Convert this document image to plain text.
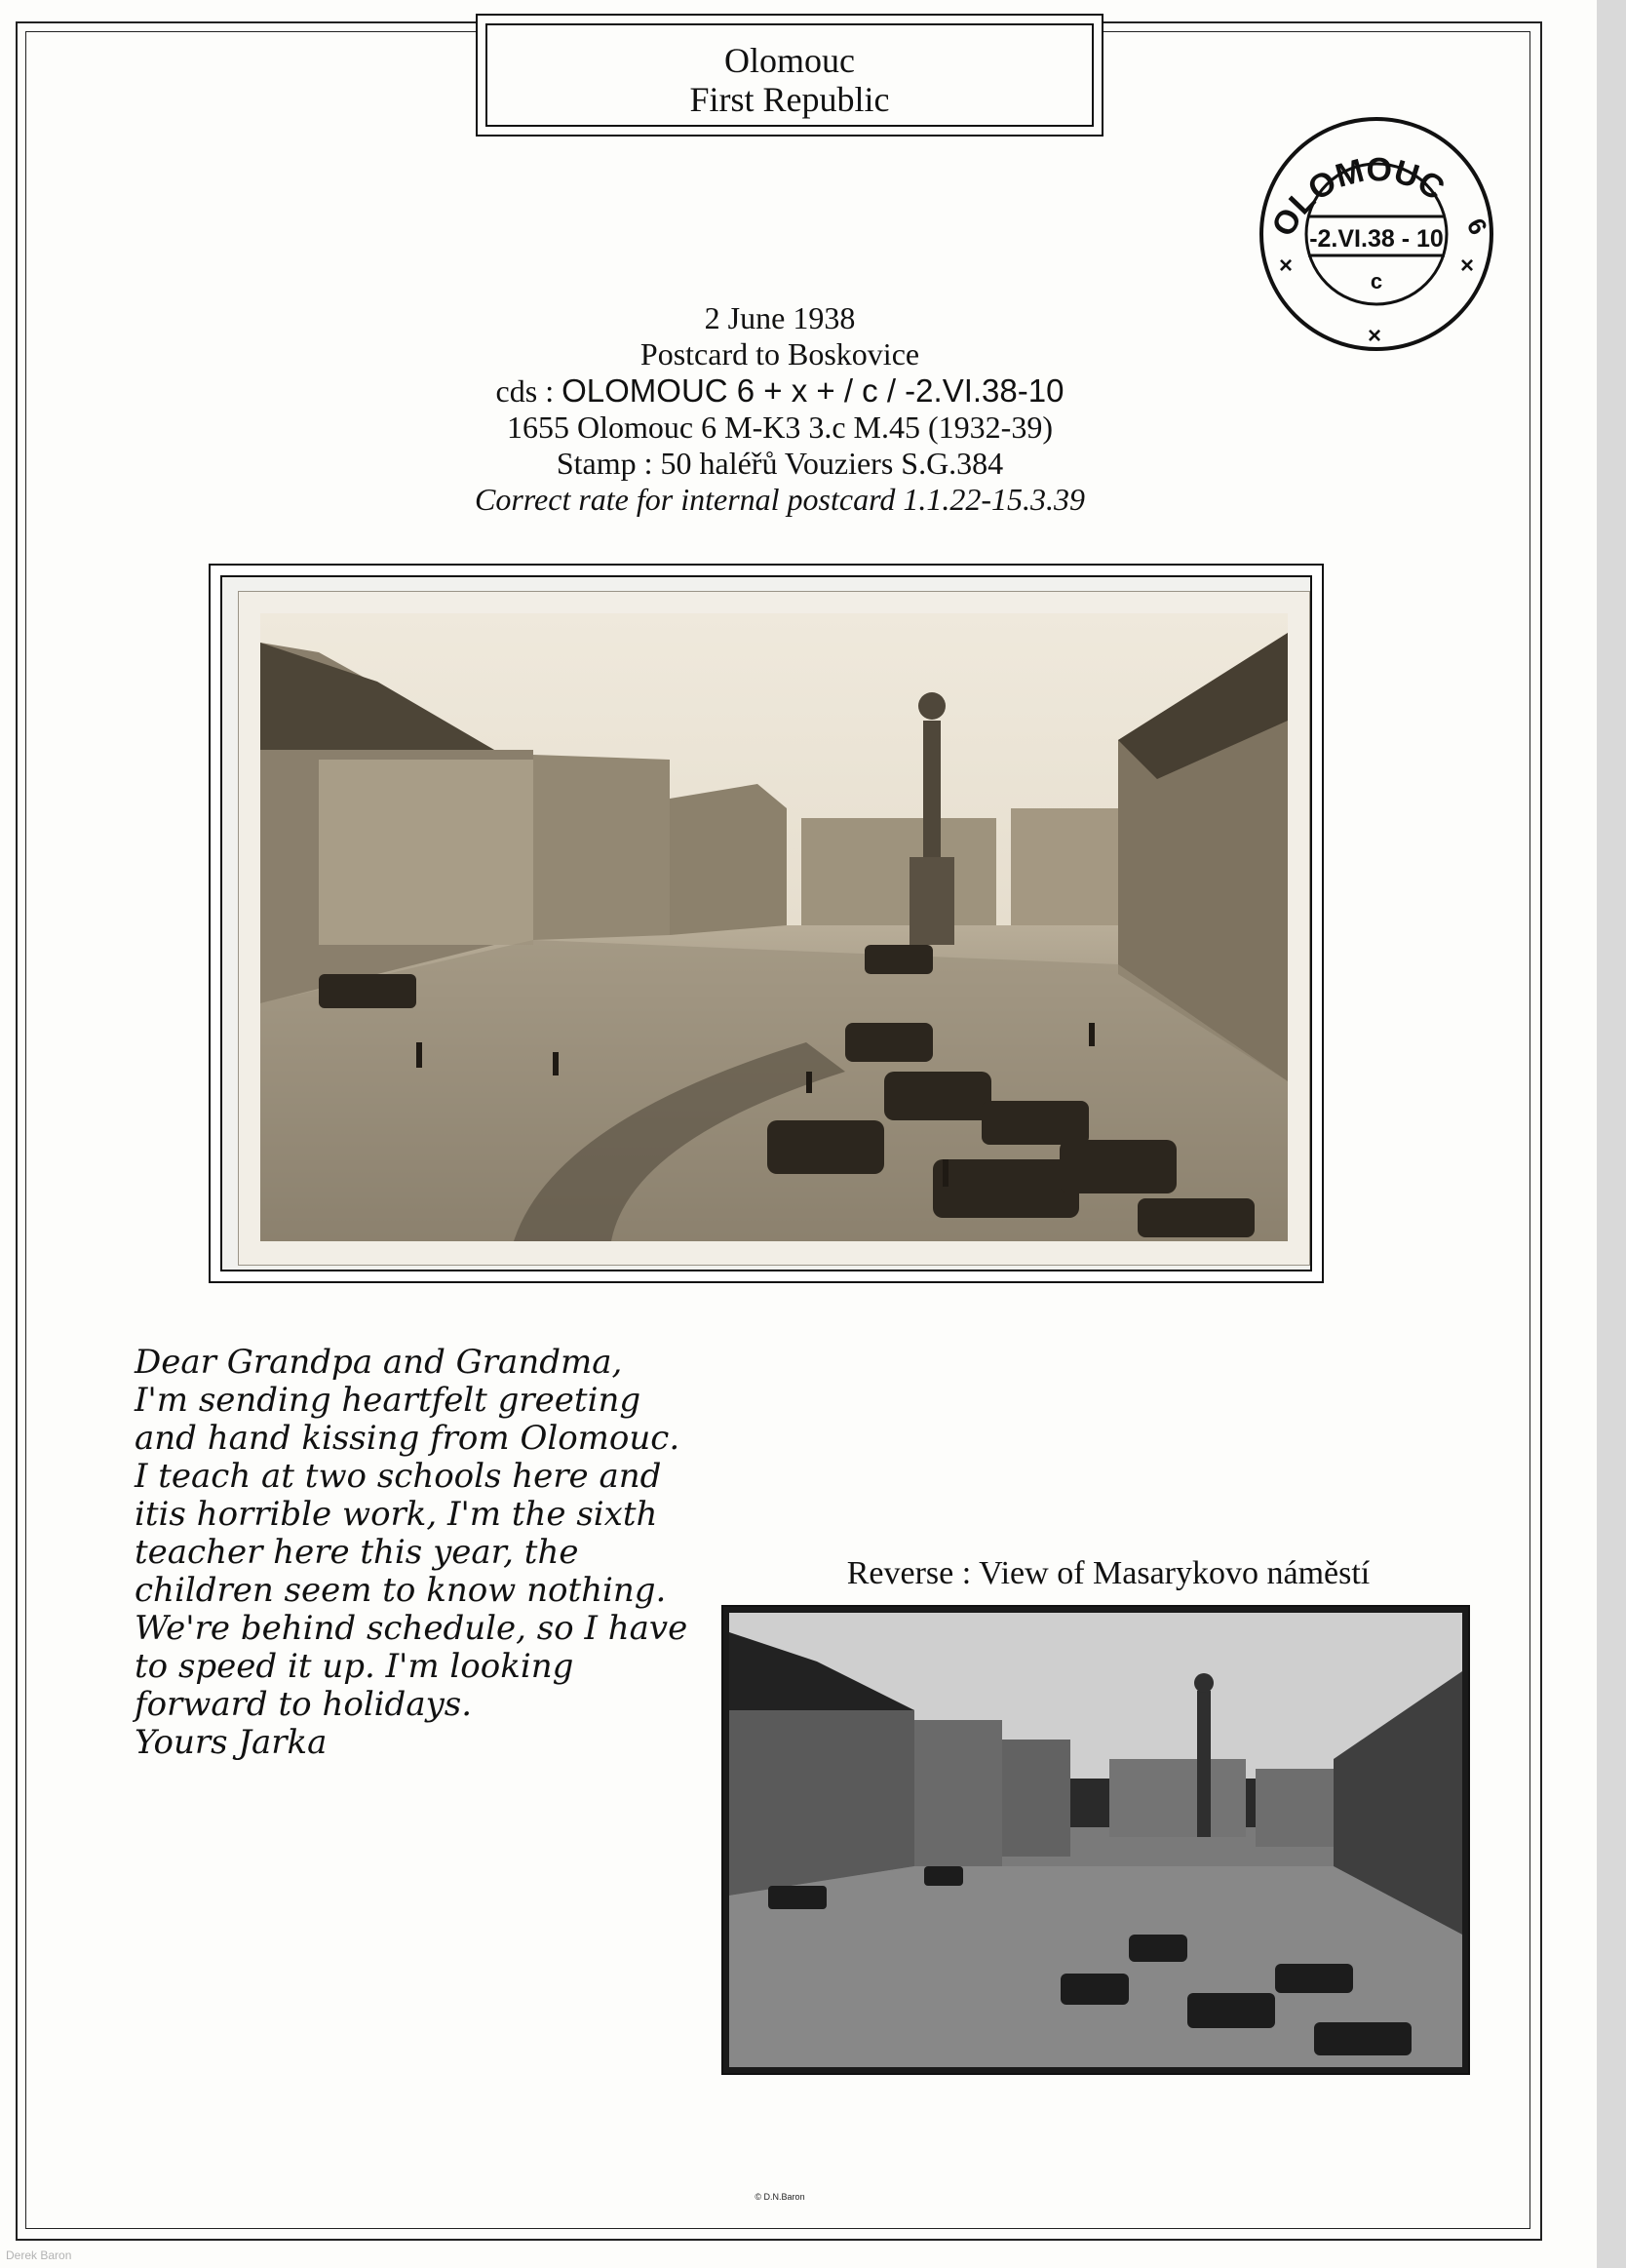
Olomouc
First Republic
OLOMOUC
6
-2.VI.38 - 10
c
×	×
×
2 June 1938
Postcard to Boskovice
cds : OLOMOUC 6 + x + / c / -2.VI.38-10
1655 Olomouc 6 M-K3 3.c M.45 (1932-39)
Stamp : 50 haléřů Vouziers S.G.384
Correct rate for internal postcard 1.1.22-15.3.39
Dear Grandpa and Grandma,
I'm sending heartfelt greeting
and hand kissing from Olomouc.
I teach at two schools here and
itis horrible work, I'm the sixth
teacher here this year, the
children seem to know nothing.
We're behind schedule, so I have
to speed it up. I'm looking
forward to holidays.
Yours Jarka
Reverse : View of Masarykovo náměstí
© D.N.Baron
Derek Baron
